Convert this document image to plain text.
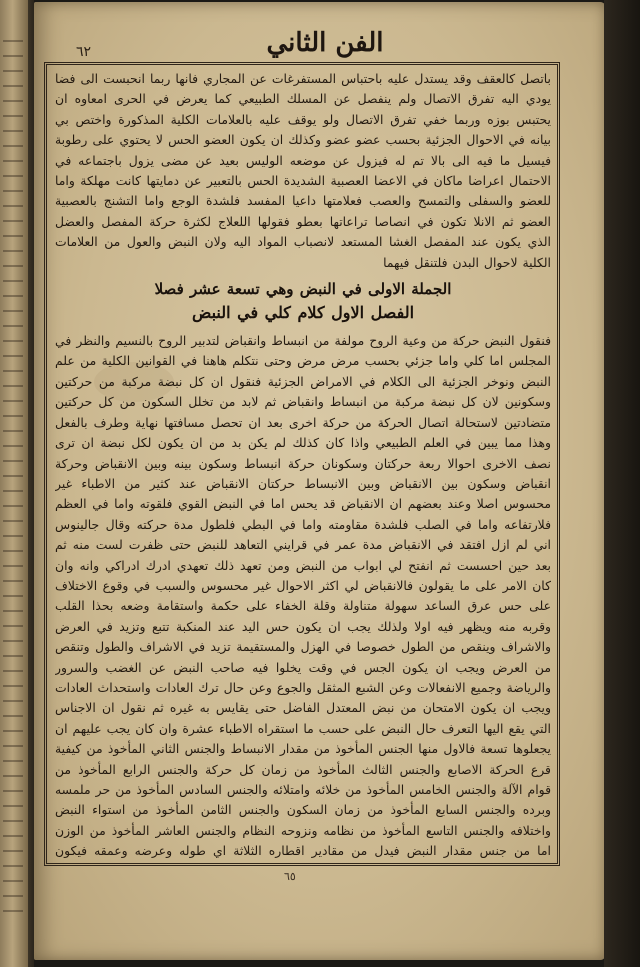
٦٢	الفن الثاني

باتصل كالعقف وقد يستدل عليه باحتباس المستفرغات عن المجاري فانها ربما انحبست الى فضا يودي اليه تفرق الاتصال ولم ينفصل عن المسلك الطبيعي كما يعرض في الحرى امعاوه ان يحتبس بوزه وربما خفي تفرق الاتصال ولو يوقف عليه بالعلامات الكلية المذكورة واختص بي بيانه في الاحوال الجزئية بحسب عضو عضو وكذلك ان يكون العضو الحس لا يحتوي على رطوبة فيسيل ما فيه الى بالا تم له فيزول عن موضعه الوليس بعيد عن مضى يزول باجتماعه في الاحتمال اعراضا ماكان في الاعضا العصبية الشديدة الحس بالتعبير عن دمايتها كانت مهلكة واما للعضو والسفلى والتمسح والعصب فعلامتها داعيا المفسد فلشدة الوجع واما التشنج بالعصبية العضو ثم الانلا تكون في انصاصا تراعاتها بعطو فقولها اللعلاج لكثرة حركة المفصل والعضل الذي يكون عند المفصل الغشا المستعد لانصباب المواد اليه ولان النبض والعول من العلامات الكلية لاحوال البدن فلتنقل فيهما

الجملة الاولى في النبض وهي تسعة عشر فصلا
الفصل الاول كلام كلي في النبض

فنقول النبض حركة من وعية الروح مولفة من انبساط وانقباض لتدبير الروح بالنسيم والنظر في المجلس اما كلي واما جزئي بحسب مرض مرض وحتى نتكلم هاهنا في القوانين الكلية من علم النبض ونوخر الجزئية الى الكلام في الامراض الجزئية فنقول ان كل نبضة مركبة من حركتين وسكونين لان كل نبضة مركبة من انبساط وانقباض ثم لابد من تخلل السكون من كل حركتين متضادتين لاستحالة اتصال الحركة من حركة اخرى بعد ان تحصل مسافتها نهاية وطرف بالفعل وهذا مما يبين في العلم الطبيعي واذا كان كذلك لم يكن بد من ان يكون لكل نبضة ان ترى نصف الاخرى احوالا ربعة حركتان وسكونان حركة انبساط وسكون بينه وبين الانقباض وحركة انقباض وسكون بين الانقباض وبين الانبساط حركتان الانقباض عند كثير من الاطباء غير محسوس اصلا وعند بعضهم ان الانقباض قد يحس اما في النبض القوي فلقوته واما في العظم فلارتفاعه واما في الصلب فلشدة مقاومته واما في البطي فلطول مدة حركته وقال جالينوس اني لم ازل افتقد في الانقباض مدة عمر في قرايني التعاهد للنبض حتى ظفرت لست منه ثم بعد حين احسست ثم انفتح لي ابواب من النبض ومن تعهد ذلك تعهدي ادرك ادراكي وانه وان كان الامر على ما يقولون فالانقباض لي اكثر الاحوال غير محسوس والسبب في وقوع الاختلاف على حس عرق الساعد سهولة متناولة وقلة الخفاء على حكمة واستقامة وضعه بحذا القلب وقربه منه ويظهر فيه اولا ولذلك يجب ان يكون حس اليد عند المنكبة تتبع وتزيد في العرض والاشراف وينقص من الطول خصوصا في الهزل والمستقيمة تزيد في الاشراف والطول وتنقص من العرض ويجب ان يكون الجس في وقت يخلوا فيه صاحب النبض عن الغضب والسرور والرياضة وجميع الانفعالات وعن الشبع المثقل والجوع وعن حال ترك العادات واستحداث العادات ويجب ان يكون الامتحان من نبض المعتدل الفاضل حتى يقايس به غيره ثم نقول ان الاجناس التي يقع اليها التعرف حال النبض على حسب ما استقراه الاطباء عشرة وان كان يجب عليهم ان يجعلوها تسعة فالاول منها الجنس المأخوذ من مقدار الانبساط والجنس الثاني المأخوذ من كيفية قرع الحركة الاصابع والجنس الثالث المأخوذ من زمان كل حركة والجنس الرابع المأخوذ من قوام الآلة والجنس الخامس المأخوذ من خلائه وامتلائه والجنس السادس المأخوذ من حر ملمسه وبرده والجنس السابع المأخوذ من زمان السكون والجنس الثامن المأخوذ من استواء النبض واختلافه والجنس التاسع المأخوذ من نظامه ونزوحه النظام والجنس العاشر المأخوذ من الوزن اما من جنس مقدار النبض فيدل من مقادير اقطاره الثلاثة اي طوله وعرضه وعمقه فيكون

٦٥
